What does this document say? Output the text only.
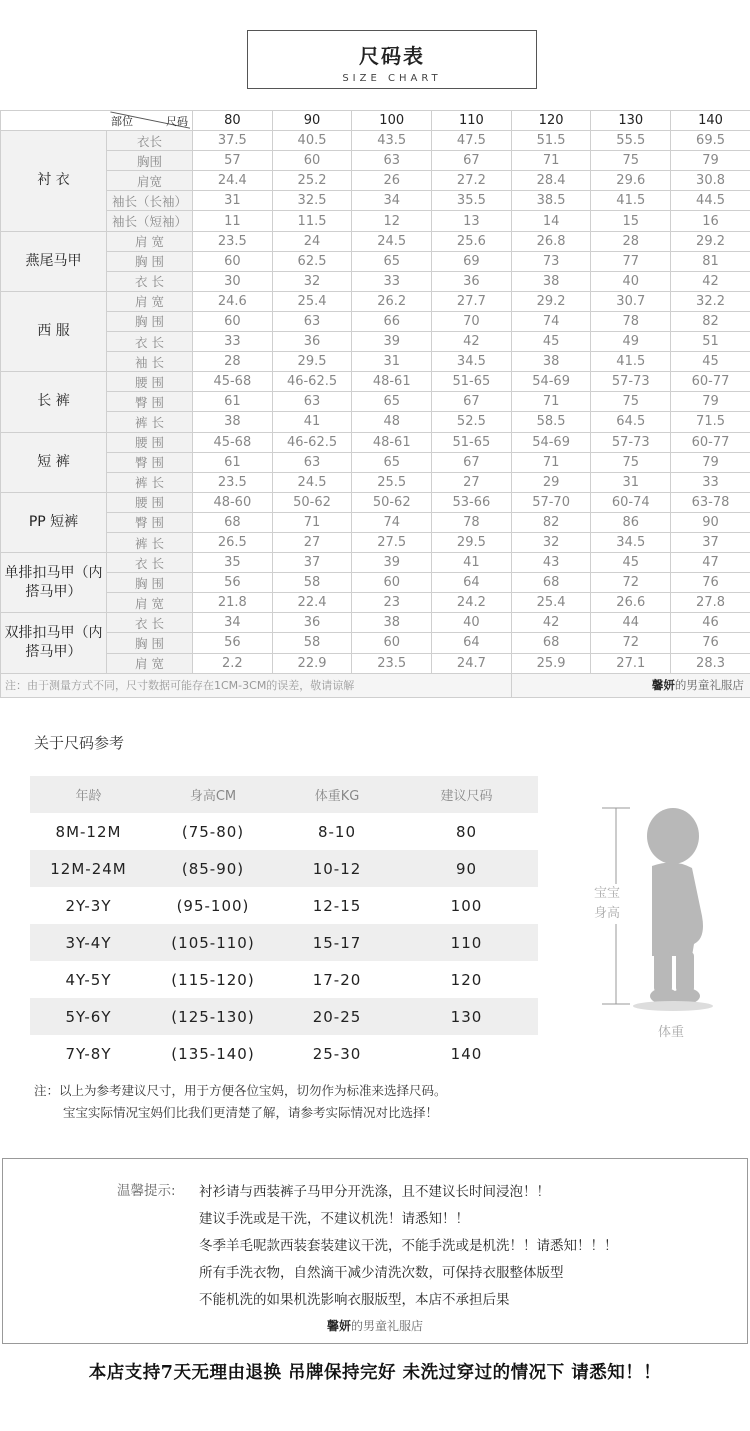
尺码表
SIZE CHART
部位 尺码		80	90	100	110	120	130	140
衬 衣	衣长	37.5	40.5	43.5	47.5	51.5	55.5	69.5
	胸围	57	60	63	67	71	75	79
	肩宽	24.4	25.2	26	27.2	28.4	29.6	30.8
	袖长（长袖）	31	32.5	34	35.5	38.5	41.5	44.5
	袖长（短袖）	11	11.5	12	13	14	15	16
燕尾马甲	肩 宽	23.5	24	24.5	25.6	26.8	28	29.2
	胸 围	60	62.5	65	69	73	77	81
	衣 长	30	32	33	36	38	40	42
西 服	肩 宽	24.6	25.4	26.2	27.7	29.2	30.7	32.2
	胸 围	60	63	66	70	74	78	82
	衣 长	33	36	39	42	45	49	51
	袖 长	28	29.5	31	34.5	38	41.5	45
长 裤	腰 围	45-68	46-62.5	48-61	51-65	54-69	57-73	60-77
	臀 围	61	63	65	67	71	75	79
	裤 长	38	41	48	52.5	58.5	64.5	71.5
短 裤	腰 围	45-68	46-62.5	48-61	51-65	54-69	57-73	60-77
	臀 围	61	63	65	67	71	75	79
	裤 长	23.5	24.5	25.5	27	29	31	33
PP 短裤	腰 围	48-60	50-62	50-62	53-66	57-70	60-74	63-78
	臀 围	68	71	74	78	82	86	90
	裤 长	26.5	27	27.5	29.5	32	34.5	37
单排扣马甲（内搭马甲）	衣 长	35	37	39	41	43	45	47
	胸 围	56	58	60	64	68	72	76
	肩 宽	21.8	22.4	23	24.2	25.4	26.6	27.8
双排扣马甲（内搭马甲）	衣 长	34	36	38	40	42	44	46
	胸 围	56	58	60	64	68	72	76
	肩 宽	2.2	22.9	23.5	24.7	25.9	27.1	28.3
注：由于测量方式不同，尺寸数据可能存在1CM-3CM的误差，敬请谅解						馨妍的男童礼服店		
关于尺码参考
年龄	身高CM	体重KG	建议尺码
8M-12M	(75-80)	8-10	80
12M-24M	(85-90)	10-12	90
2Y-3Y	(95-100)	12-15	100
3Y-4Y	(105-110)	15-17	110
4Y-5Y	(115-120)	17-20	120
5Y-6Y	(125-130)	20-25	130
7Y-8Y	(135-140)	25-30	140
注：以上为参考建议尺寸，用于方便各位宝妈，切勿作为标准来选择尺码。
宝宝实际情况宝妈们比我们更清楚了解，请参考实际情况对比选择！
宝宝身高
体重
温馨提示: 衬衫请与西装裤子马甲分开洗涤，且不建议长时间浸泡！！
建议手洗或是干洗，不建议机洗！请悉知！！
冬季羊毛呢款西装套装建议干洗，不能手洗或是机洗！！请悉知！！！
所有手洗衣物，自然滴干减少清洗次数，可保持衣服整体版型
不能机洗的如果机洗影响衣服版型，本店不承担后果
馨妍的男童礼服店
本店支持7天无理由退换 吊牌保持完好 未洗过穿过的情况下 请悉知！！
